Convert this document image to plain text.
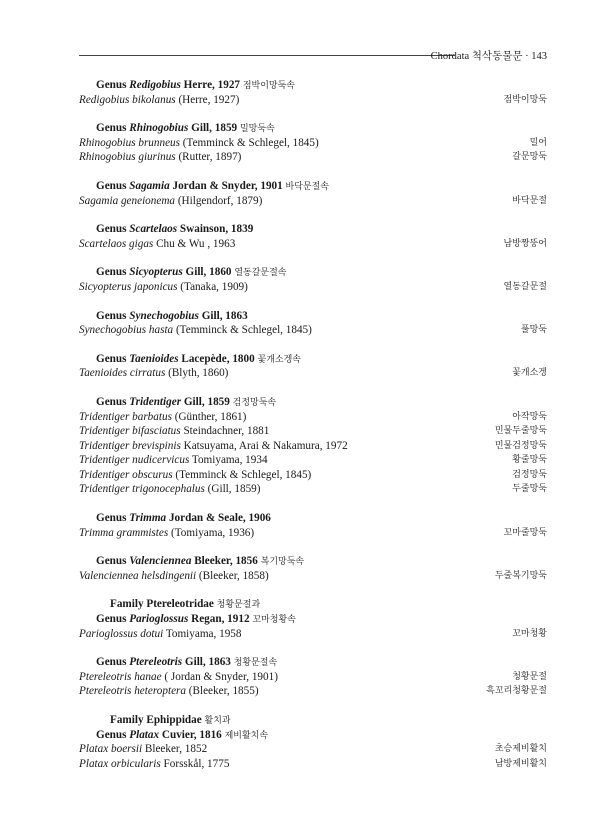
Chordata 척삭동물문 · 143
Genus Redigobius Herre, 1927 점박이망둑속
Redigobius bikolanus (Herre, 1927)	점박이망둑
Genus Rhinogobius Gill, 1859 밀망둑속
Rhinogobius brunneus (Temminck & Schlegel, 1845)	밀어
Rhinogobius giurinus (Rutter, 1897)	갈문망둑
Genus Sagamia Jordan & Snyder, 1901 바닥문절속
Sagamia geneionema (Hilgendorf, 1879)	바닥문절
Genus Scartelaos Swainson, 1839
Scartelaos gigas Chu & Wu , 1963	남방짱뚱어
Genus Sicyopterus Gill, 1860 열동갈문절속
Sicyopterus japonicus (Tanaka, 1909)	열동갈문절
Genus Synechogobius Gill, 1863
Synechogobius hasta (Temminck & Schlegel, 1845)	풀망둑
Genus Taenioides Lacepède, 1800 꽃개소겡속
Taenioides cirratus (Blyth, 1860)	꽃개소겡
Genus Tridentiger Gill, 1859 검정망둑속
Tridentiger barbatus (Günther, 1861)	아작망둑
Tridentiger bifasciatus Steindachner, 1881	민물두줄망둑
Tridentiger brevispinis Katsuyama, Arai & Nakamura, 1972	민물검정망둑
Tridentiger nudicervicus Tomiyama, 1934	황줄망둑
Tridentiger obscurus (Temminck & Schlegel, 1845)	검정망둑
Tridentiger trigonocephalus (Gill, 1859)	두줄망둑
Genus Trimma Jordan & Seale, 1906
Trimma grammistes (Tomiyama, 1936)	꼬마줄망둑
Genus Valenciennea Bleeker, 1856 복기망둑속
Valenciennea helsdingenii (Bleeker, 1858)	두줄복기망둑
Family Ptereleotridae 청황문절과
Genus Parioglossus Regan, 1912 꼬마청황속
Parioglossus dotui Tomiyama, 1958	꼬마청황
Genus Ptereleotris Gill, 1863 청황문절속
Ptereleotris hanae ( Jordan & Snyder, 1901)	청황문절
Ptereleotris heteroptera (Bleeker, 1855)	흑꼬리청황문절
Family Ephippidae 활치과
Genus Platax Cuvier, 1816 제비활치속
Platax boersii Bleeker, 1852	초승제비활치
Platax orbicularis Forsskål, 1775	남방제비활치
